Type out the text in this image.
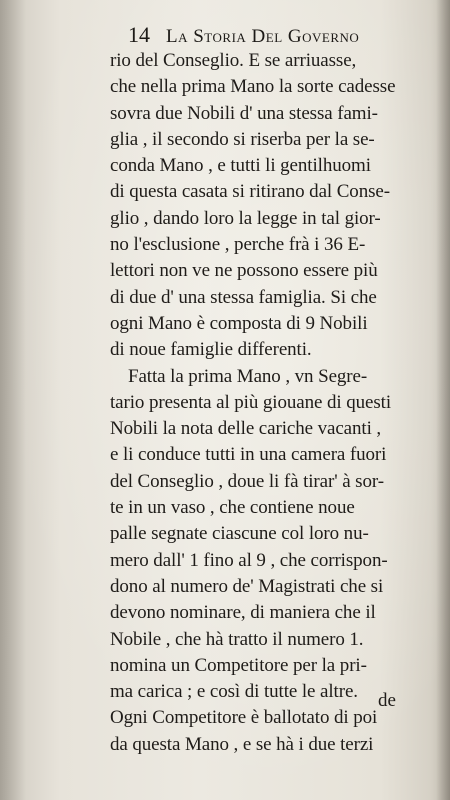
14 La Storia Del Governo
rio del Conseglio. E se arriuasse,
che nella prima Mano la sorte cadesse
sovra due Nobili d' una stessa fami-
glia , il secondo si riserba per la se-
conda Mano , e tutti li gentilhuomi
di questa casata si ritirano dal Conse-
glio , dando loro la legge in tal gior-
no l'esclusione , perche frà i 36 E-
lettori non ve ne possono essere più
di due d' una stessa famiglia. Si che
ogni Mano è composta di 9 Nobili
di noue famiglie differenti.
Fatta la prima Mano , vn Segre-
tario presenta al più giouane di questi
Nobili la nota delle cariche vacanti ,
e li conduce tutti in una camera fuori
del Conseglio , doue li fà tirar' à sor-
te in un vaso , che contiene noue
palle segnate ciascune col loro nu-
mero dall' 1 fino al 9 , che corrispon-
dono al numero de' Magistrati che si
devono nominare, di maniera che il
Nobile , che hà tratto il numero 1.
nomina un Competitore per la pri-
ma carica ; e così di tutte le altre.
Ogni Competitore è ballotato di poi
da questa Mano , e se hà i due terzi
de
